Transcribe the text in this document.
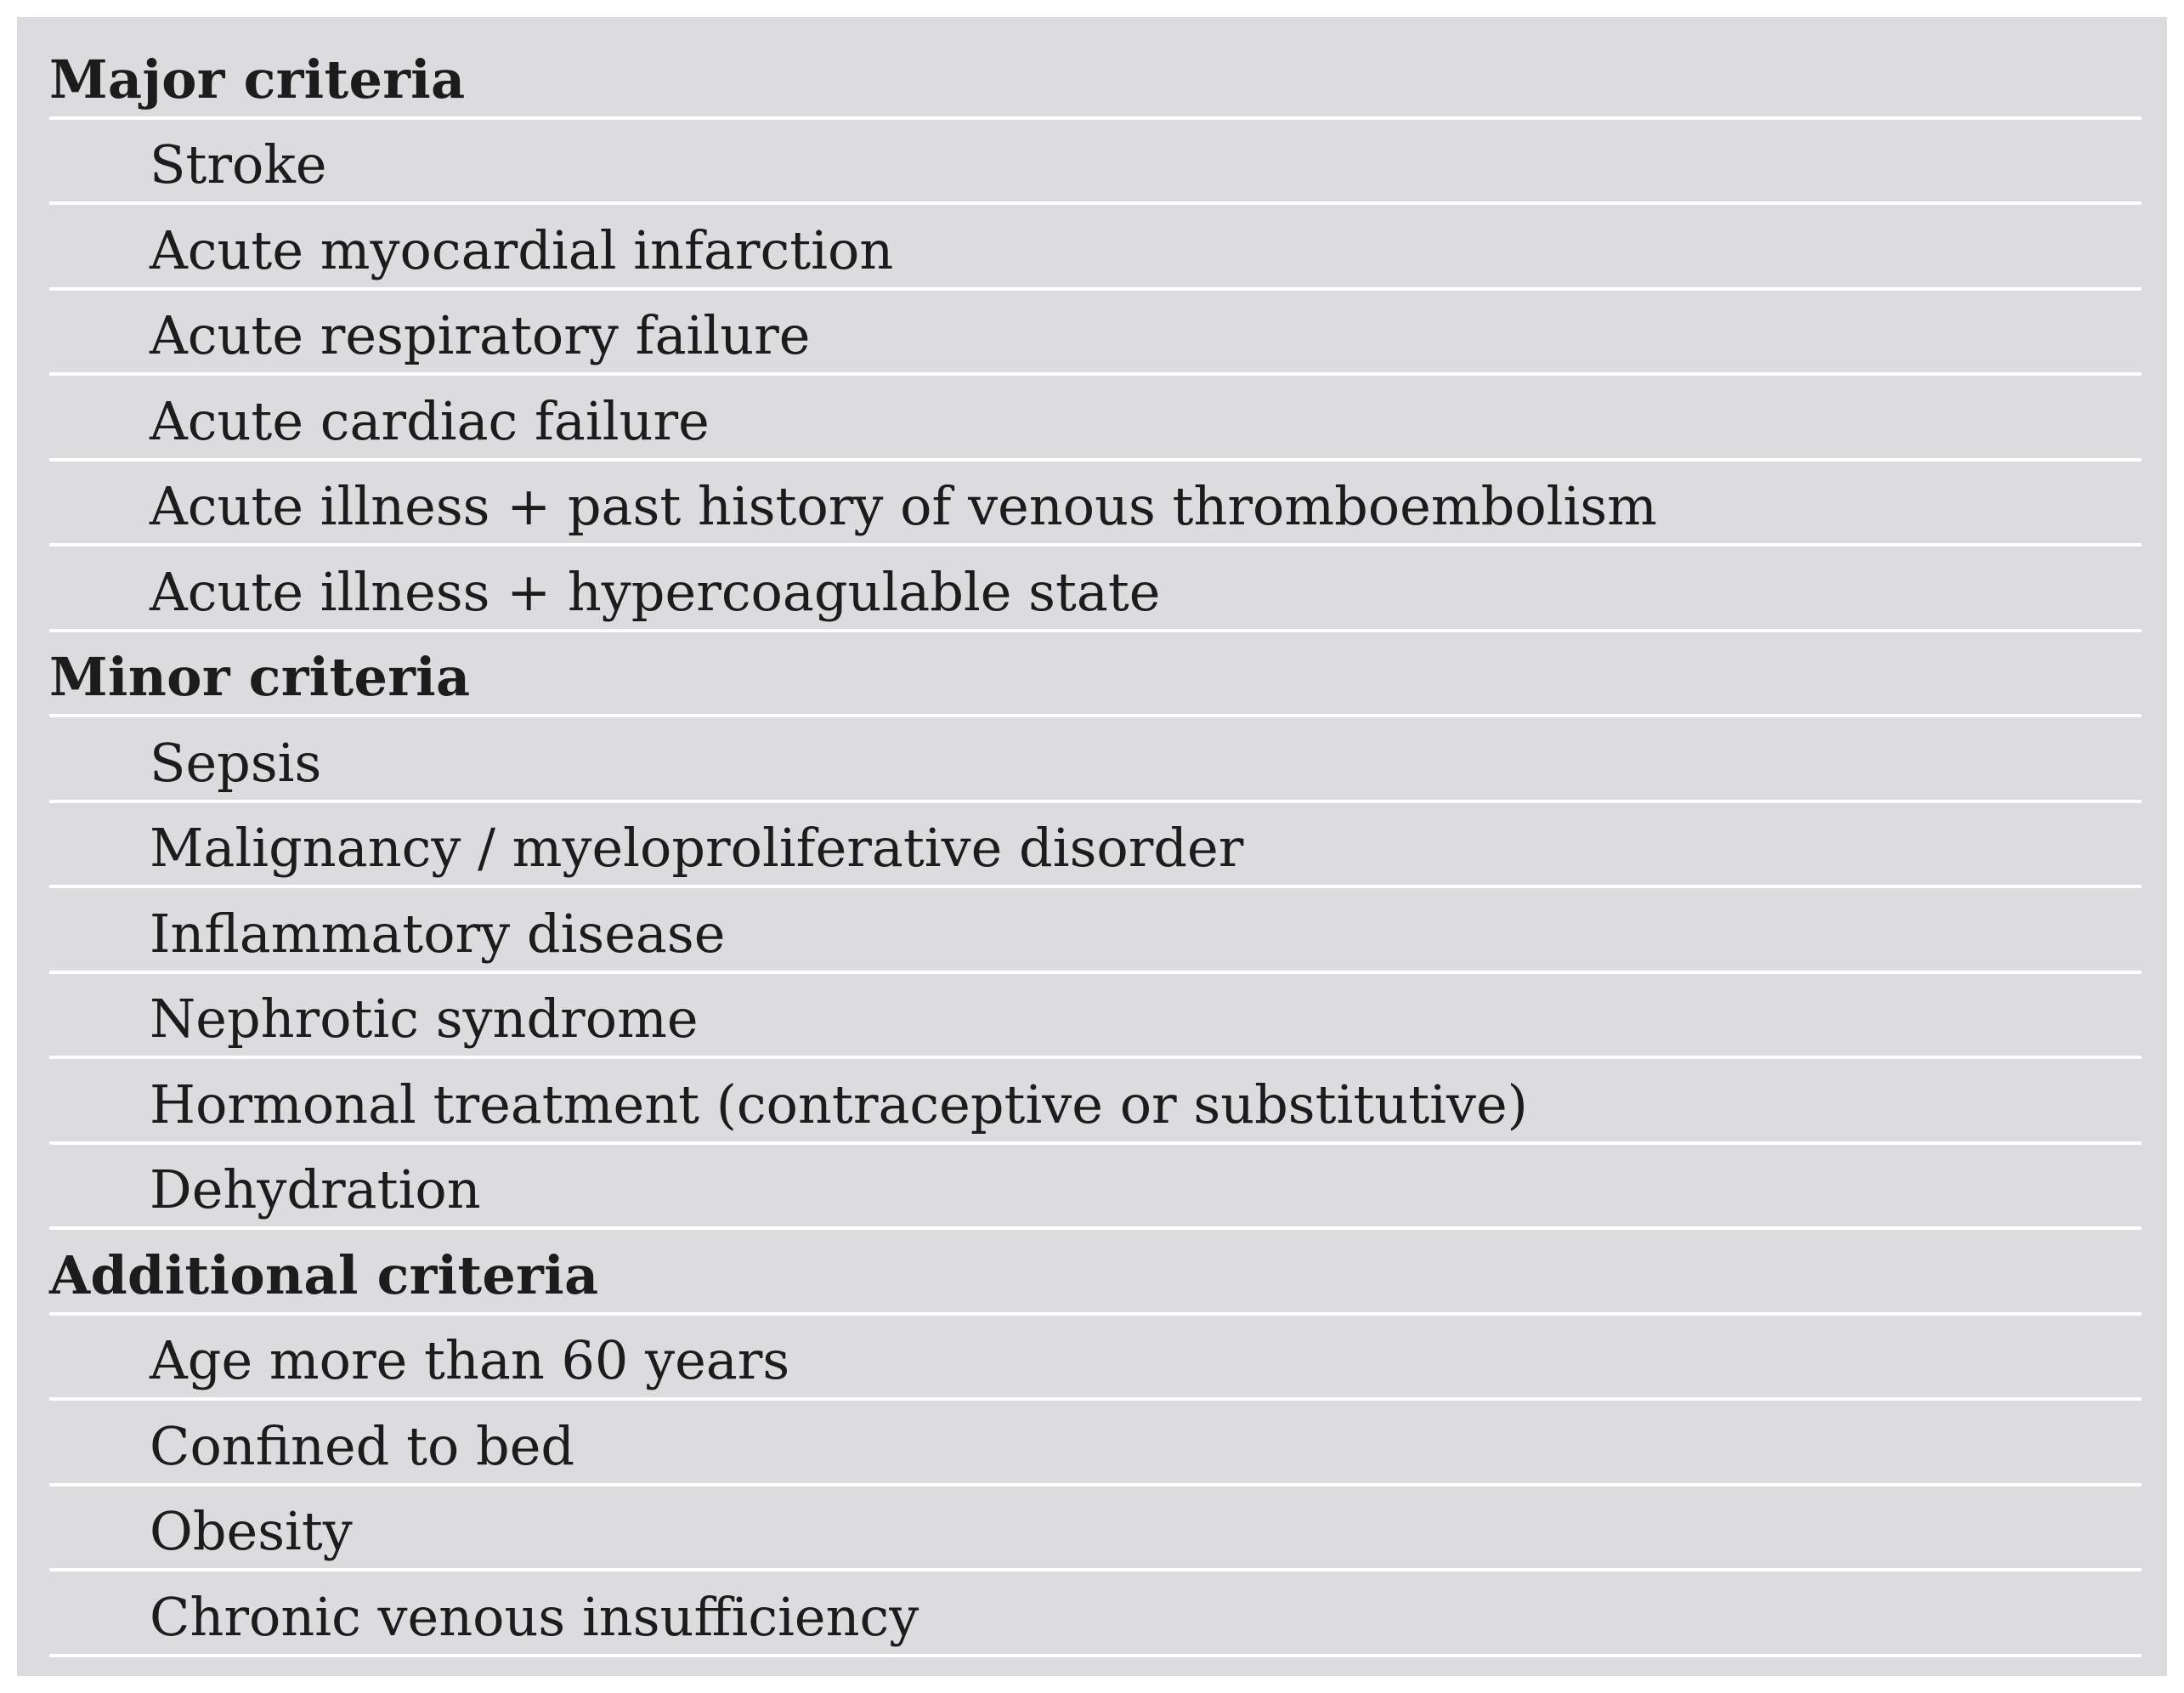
Major criteria
Stroke
Acute myocardial infarction
Acute respiratory failure
Acute cardiac failure
Acute illness + past history of venous thromboembolism
Acute illness + hypercoagulable state
Minor criteria
Sepsis
Malignancy / myeloproliferative disorder
Inflammatory disease
Nephrotic syndrome
Hormonal treatment (contraceptive or substitutive)
Dehydration
Additional criteria
Age more than 60 years
Confined to bed
Obesity
Chronic venous insufficiency
